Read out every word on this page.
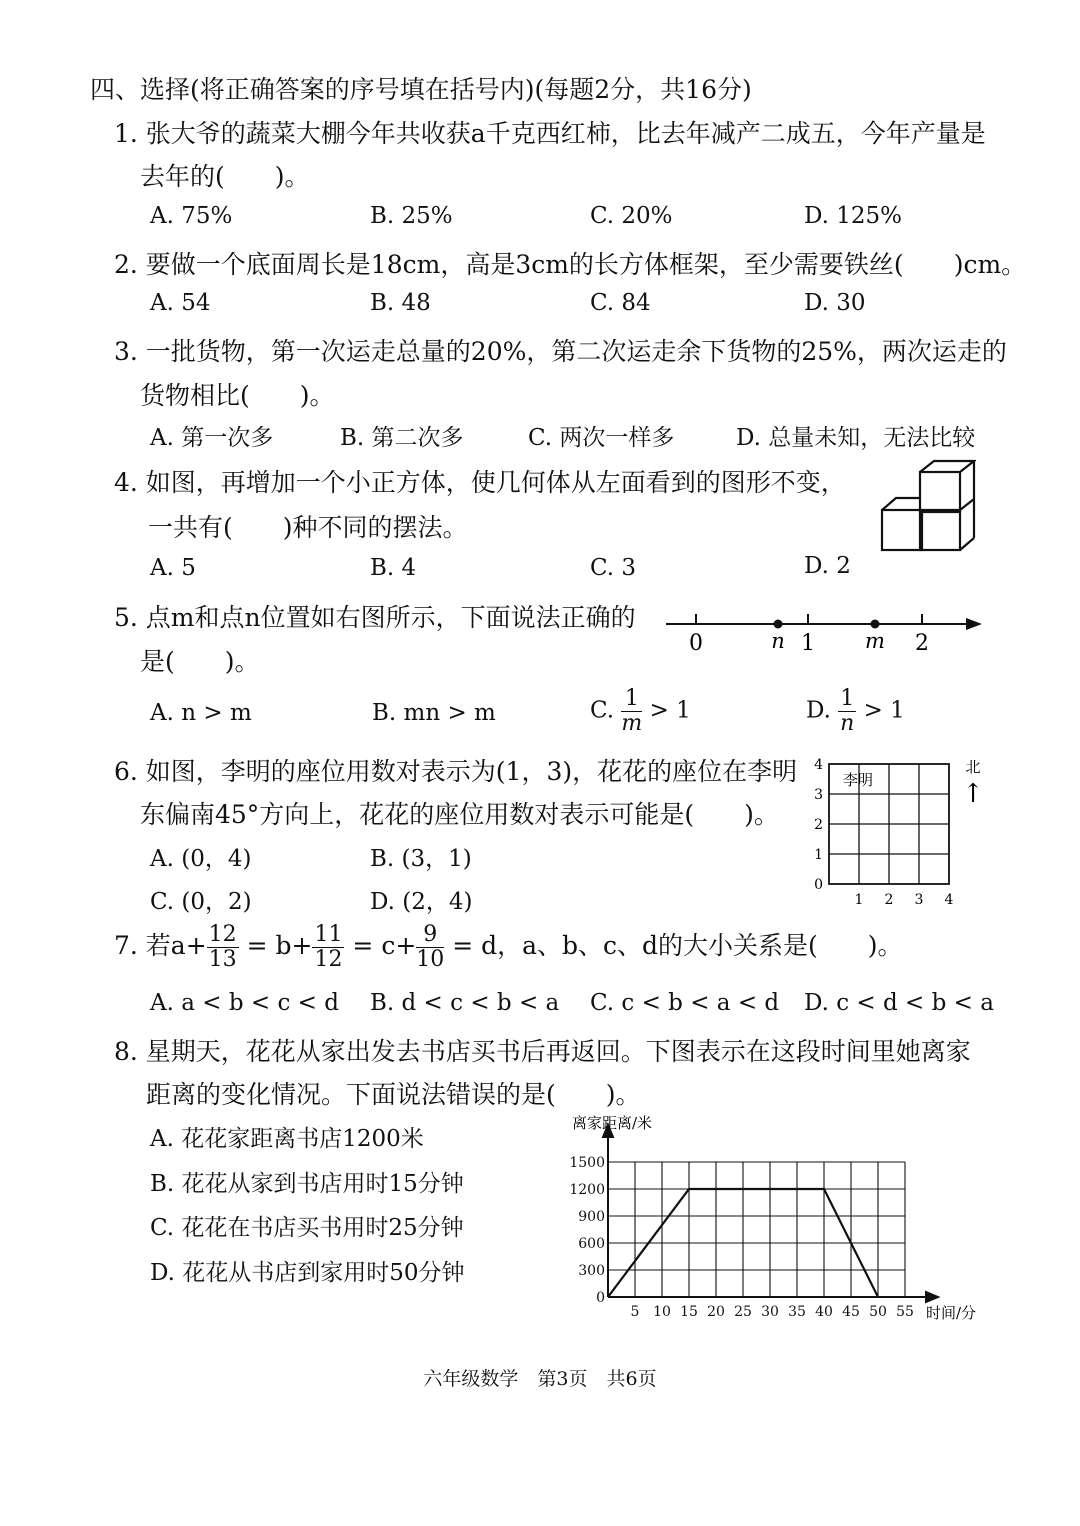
四、选择(将正确答案的序号填在括号内)(每题2分，共16分)
1. 张大爷的蔬菜大棚今年共收获a千克西红柿，比去年减产二成五，今年产量是
去年的(　　)。
A. 75%	B. 25%	C. 20%	D. 125%
2. 要做一个底面周长是18cm，高是3cm的长方体框架，至少需要铁丝(　　)cm。
A. 54	B. 48	C. 84	D. 30
3. 一批货物，第一次运走总量的20%，第二次运走余下货物的25%，两次运走的
货物相比(　　)。
A. 第一次多	B. 第二次多	C. 两次一样多	D. 总量未知，无法比较
4. 如图，再增加一个小正方体，使几何体从左面看到的图形不变，
一共有(　　)种不同的摆法。
A. 5	B. 4	C. 3	D. 2
5. 点m和点n位置如右图所示，下面说法正确的
是(　　)。
A. n > m	B. mn > m	C. $\frac{1}{m} > 1$	D. $\frac{1}{n} > 1$
0	1	2
n	m
6. 如图，李明的座位用数对表示为(1，3)，花花的座位在李明
东偏南45°方向上，花花的座位用数对表示可能是(　　)。
A. (0，4)	B. (3，1)
C. (0，2)	D. (2，4)
0
1
2
3
4
1 2 3 4
李明
北
↑
7. 若$a+ \frac{12}{13} = b+ \frac{11}{12} = c+ \frac{9}{10} = d$，a、b、c、d的大小关系是(　　)。
A. a < b < c < d B. d < c < b < a C. c < b < a < d D. c < d < b < a
8. 星期天，花花从家出发去书店买书后再返回。下图表示在这段时间里她离家
距离的变化情况。下面说法错误的是(　　)。
A. 花花家距离书店1200米
B. 花花从家到书店用时15分钟
C. 花花在书店买书用时25分钟
D. 花花从书店到家用时50分钟
5 10 15 20 25 30 35 40 45 50 55
0
300
600
900
1200
1500
离家距离/米
时间/分
六年级数学　第3页　共6页
